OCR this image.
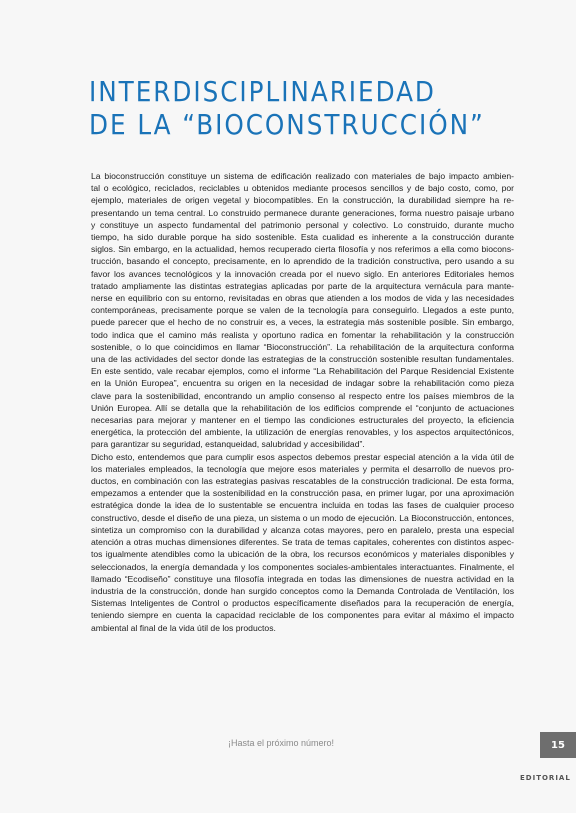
INTERDISCIPLINARIEDAD
DE LA “BIOCONSTRUCCIÓN”
La bioconstrucción constituye un sistema de edificación realizado con materiales de bajo impacto ambien-
tal o ecológico, reciclados, reciclables u obtenidos mediante procesos sencillos y de bajo costo, como, por
ejemplo, materiales de origen vegetal y biocompatibles. En la construcción, la durabilidad siempre ha re-
presentando un tema central. Lo construido permanece durante generaciones, forma nuestro paisaje urbano
y constituye un aspecto fundamental del patrimonio personal y colectivo. Lo construido, durante mucho
tiempo, ha sido durable porque ha sido sostenible. Esta cualidad es inherente a la construcción durante
siglos. Sin embargo, en la actualidad, hemos recuperado cierta filosofía y nos referimos a ella como biocons-
trucción, basando el concepto, precisamente, en lo aprendido de la tradición constructiva, pero usando a su
favor los avances tecnológicos y la innovación creada por el nuevo siglo. En anteriores Editoriales hemos
tratado ampliamente las distintas estrategias aplicadas por parte de la arquitectura vernácula para mante-
nerse en equilibrio con su entorno, revisitadas en obras que atienden a los modos de vida y las necesidades
contemporáneas, precisamente porque se valen de la tecnología para conseguirlo. Llegados a este punto,
puede parecer que el hecho de no construir es, a veces, la estrategia más sostenible posible. Sin embargo,
todo indica que el camino más realista y oportuno radica en fomentar la rehabilitación y la construcción
sostenible, o lo que coincidimos en llamar “Bioconstrucción”. La rehabilitación de la arquitectura conforma
una de las actividades del sector donde las estrategias de la construcción sostenible resultan fundamentales.
En este sentido, vale recabar ejemplos, como el informe “La Rehabilitación del Parque Residencial Existente
en la Unión Europea”, encuentra su origen en la necesidad de indagar sobre la rehabilitación como pieza
clave para la sostenibilidad, encontrando un amplio consenso al respecto entre los países miembros de la
Unión Europea. Allí se detalla que la rehabilitación de los edificios comprende el “conjunto de actuaciones
necesarias para mejorar y mantener en el tiempo las condiciones estructurales del proyecto, la eficiencia
energética, la protección del ambiente, la utilización de energías renovables, y los aspectos arquitectónicos,
para garantizar su seguridad, estanqueidad, salubridad y accesibilidad”.
Dicho esto, entendemos que para cumplir esos aspectos debemos prestar especial atención a la vida útil de
los materiales empleados, la tecnología que mejore esos materiales y permita el desarrollo de nuevos pro-
ductos, en combinación con las estrategias pasivas rescatables de la construcción tradicional. De esta forma,
empezamos a entender que la sostenibilidad en la construcción pasa, en primer lugar, por una aproximación
estratégica donde la idea de lo sustentable se encuentra incluida en todas las fases de cualquier proceso
constructivo, desde el diseño de una pieza, un sistema o un modo de ejecución. La Bioconstrucción, entonces,
sintetiza un compromiso con la durabilidad y alcanza cotas mayores, pero en paralelo, presta una especial
atención a otras muchas dimensiones diferentes. Se trata de temas capitales, coherentes con distintos aspec-
tos igualmente atendibles como la ubicación de la obra, los recursos económicos y materiales disponibles y
seleccionados, la energía demandada y los componentes sociales-ambientales interactuantes. Finalmente, el
llamado “Ecodiseño” constituye una filosofía integrada en todas las dimensiones de nuestra actividad en la
industria de la construcción, donde han surgido conceptos como la Demanda Controlada de Ventilación, los
Sistemas Inteligentes de Control o productos específicamente diseñados para la recuperación de energía,
teniendo siempre en cuenta la capacidad reciclable de los componentes para evitar al máximo el impacto
ambiental al final de la vida útil de los productos.
¡Hasta el próximo número!	15
EDITORIAL
